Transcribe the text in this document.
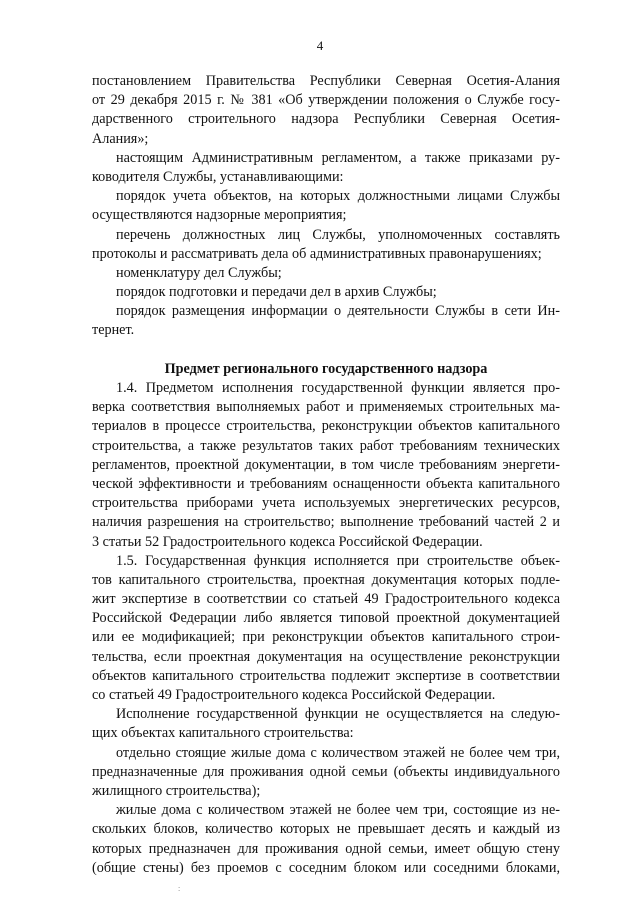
4
постановлением Правительства Республики Северная Осетия-Алания
от 29 декабря 2015 г. № 381 «Об утверждении положения о Службе госу-
дарственного строительного надзора Республики Северная Осетия-
Алания»;
настоящим Административным регламентом, а также приказами ру-
ководителя Службы, устанавливающими:
порядок учета объектов, на которых должностными лицами Службы
осуществляются надзорные мероприятия;
перечень должностных лиц Службы, уполномоченных составлять
протоколы и рассматривать дела об административных правонарушениях;
номенклатуру дел Службы;
порядок подготовки и передачи дел в архив Службы;
порядок размещения информации о деятельности Службы в сети Ин-
тернет.
Предмет регионального государственного надзора
1.4. Предметом исполнения государственной функции является про-
верка соответствия выполняемых работ и применяемых строительных ма-
териалов в процессе строительства, реконструкции объектов капитального
строительства, а также результатов таких работ требованиям технических
регламентов, проектной документации, в том числе требованиям энергети-
ческой эффективности и требованиям оснащенности объекта капитального
строительства приборами учета используемых энергетических ресурсов,
наличия разрешения на строительство; выполнение требований частей 2 и
3 статьи 52 Градостроительного кодекса Российской Федерации.
1.5. Государственная функция исполняется при строительстве объек-
тов капитального строительства, проектная документация которых подле-
жит экспертизе в соответствии со статьей 49 Градостроительного кодекса
Российской Федерации либо является типовой проектной документацией
или ее модификацией; при реконструкции объектов капитального строи-
тельства, если проектная документация на осуществление реконструкции
объектов капитального строительства подлежит экспертизе в соответствии
со статьей 49 Градостроительного кодекса Российской Федерации.
Исполнение государственной функции не осуществляется на следую-
щих объектах капитального строительства:
отдельно стоящие жилые дома с количеством этажей не более чем три,
предназначенные для проживания одной семьи (объекты индивидуального
жилищного строительства);
жилые дома с количеством этажей не более чем три, состоящие из не-
скольких блоков, количество которых не превышает десять и каждый из
которых предназначен для проживания одной семьи, имеет общую стену
(общие стены) без проемов с соседним блоком или соседними блоками,
:
